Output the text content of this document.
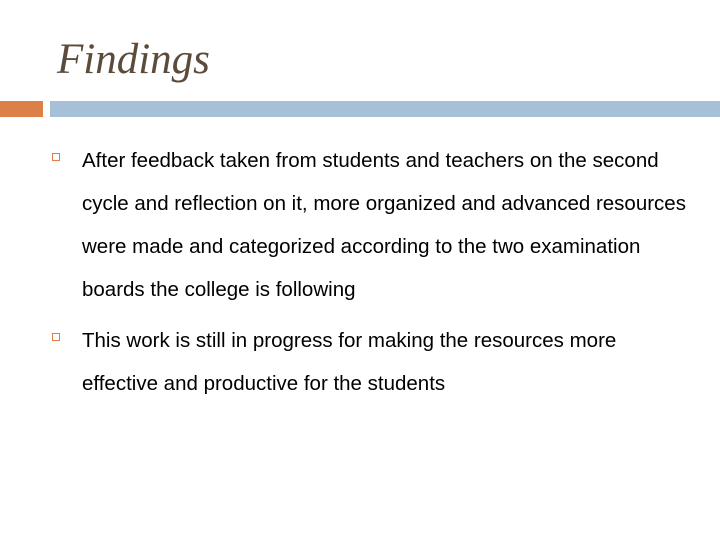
Findings
After feedback taken from students and teachers on the second cycle and reflection on it, more organized and advanced resources were made and categorized according to the two examination boards the college is following
This work is still in progress for making the resources more effective and productive for the students
